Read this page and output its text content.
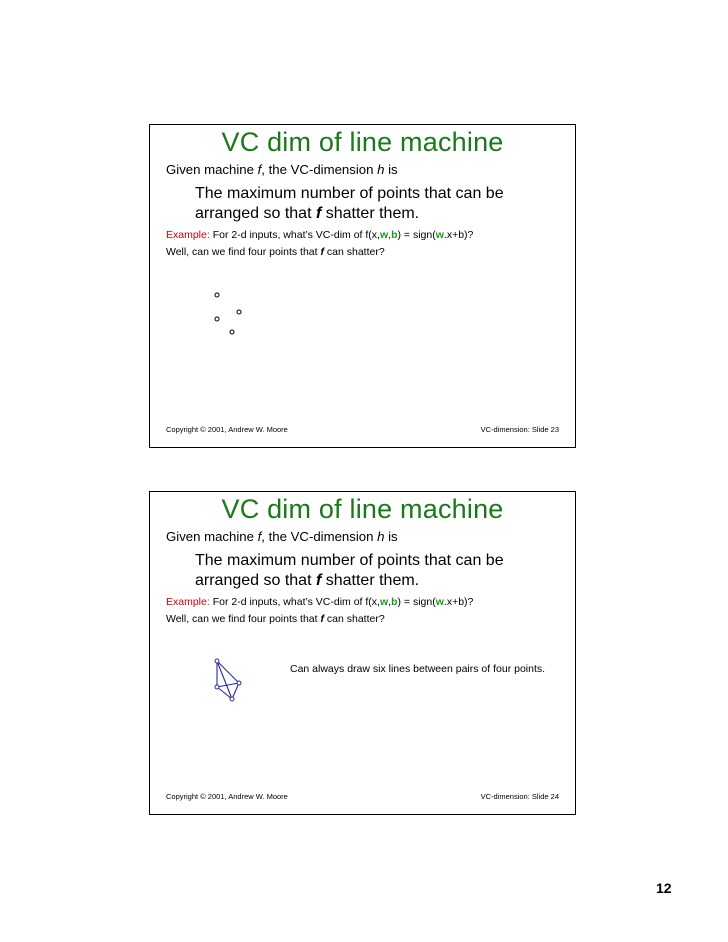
VC dim of line machine
Given machine f, the VC-dimension h is
The maximum number of points that can be
arranged so that f shatter them.
Example: For 2-d inputs, what’s VC-dim of f(x,w,b) = sign(w.x+b)?
Well, can we find four points that f can shatter?
Copyright © 2001, Andrew W. Moore	VC-dimension: Slide 23
VC dim of line machine
Given machine f, the VC-dimension h is
The maximum number of points that can be
arranged so that f shatter them.
Example: For 2-d inputs, what’s VC-dim of f(x,w,b) = sign(w.x+b)?
Well, can we find four points that f can shatter?
Can always draw six lines between pairs of four points.
Copyright © 2001, Andrew W. Moore	VC-dimension: Slide 24
12
